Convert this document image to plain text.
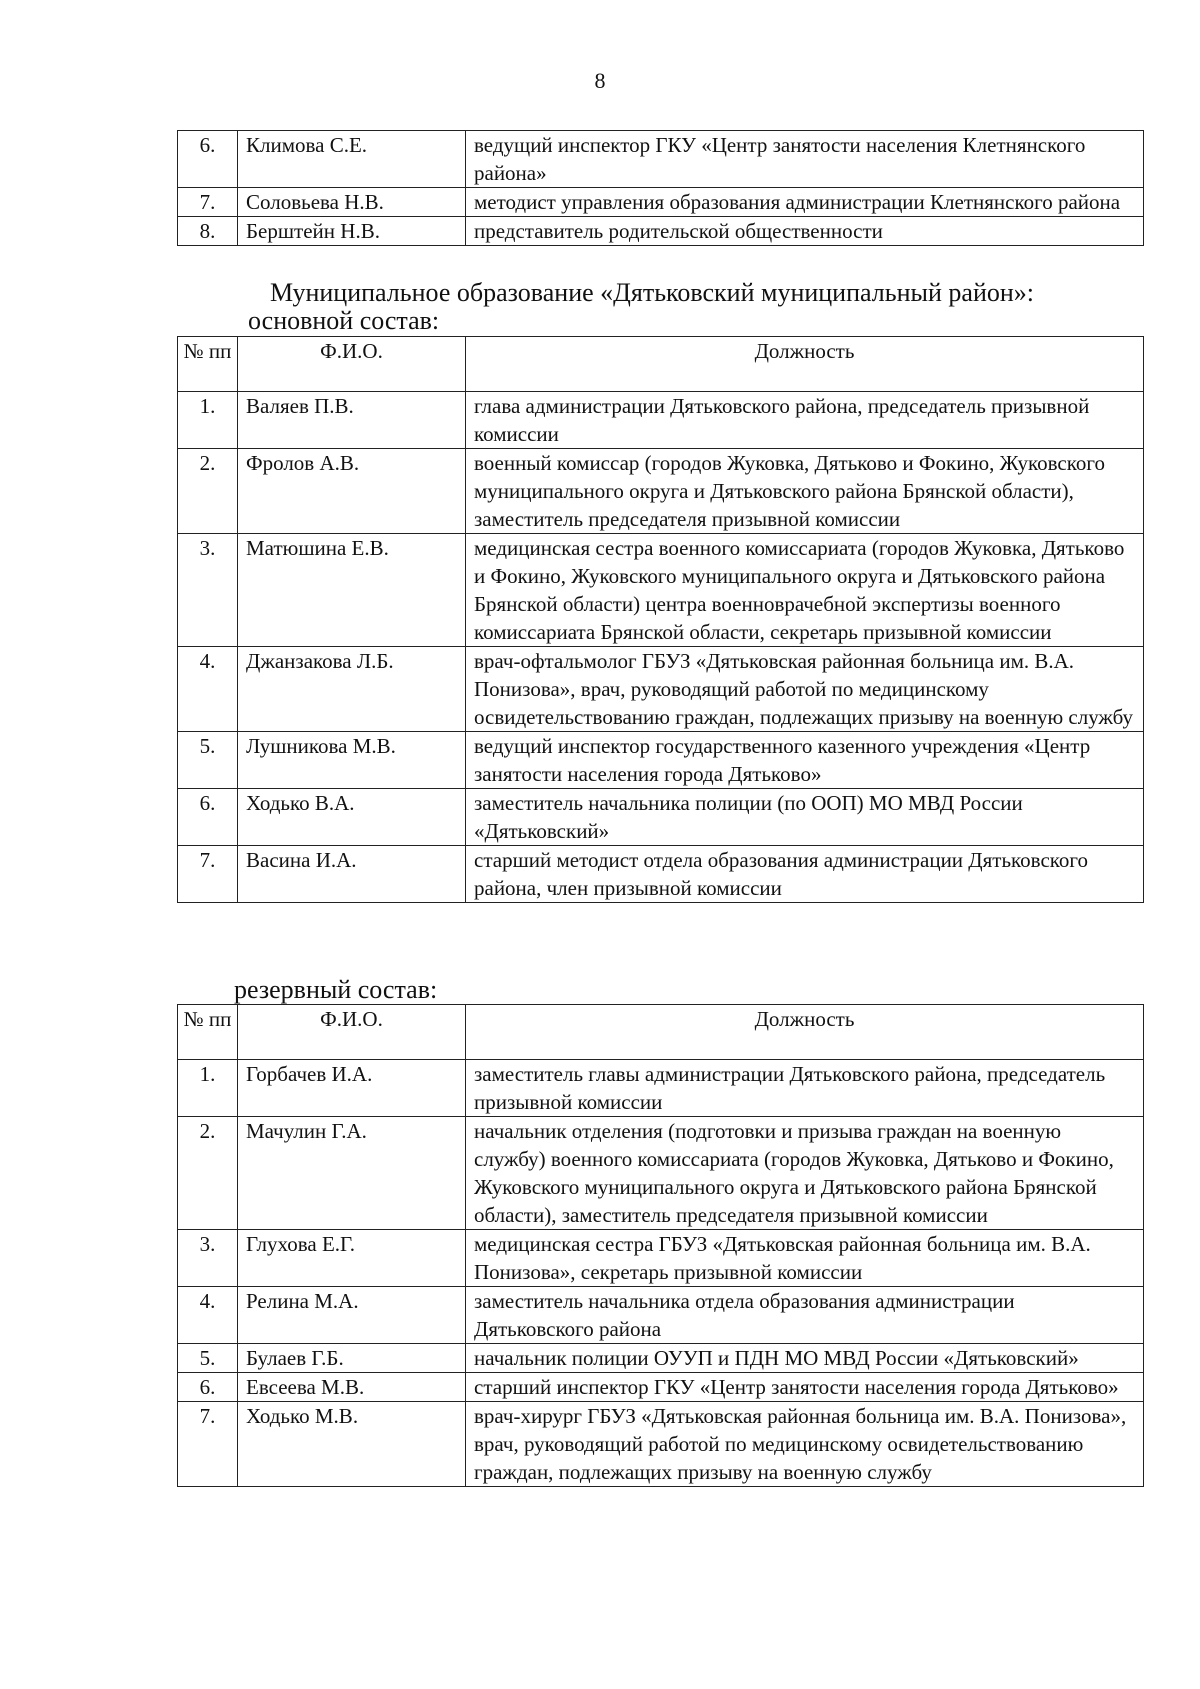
8
6.	Климова С.Е.	ведущий инспектор ГКУ «Центр занятости населения Клетнянского района»
7.	Соловьева Н.В.	методист управления образования администрации Клетнянского района
8.	Берштейн Н.В.	представитель родительской общественности
Муниципальное образование «Дятьковский муниципальный район»:
основной состав:
№ пп	Ф.И.О.	Должность
1.	Валяев П.В.	глава администрации Дятьковского района, председатель призывной комиссии
2.	Фролов А.В.	военный комиссар (городов Жуковка, Дятьково и Фокино, Жуковского муниципального округа и Дятьковского района Брянской области), заместитель председателя призывной комиссии
3.	Матюшина Е.В.	медицинская сестра военного комиссариата (городов Жуковка, Дятьково и Фокино, Жуковского муниципального округа и Дятьковского района Брянской области) центра военноврачебной экспертизы военного комиссариата Брянской области, секретарь призывной комиссии
4.	Джанзакова Л.Б.	врач-офтальмолог ГБУЗ «Дятьковская районная больница им. В.А. Понизова», врач, руководящий работой по медицинскому освидетельствованию граждан, подлежащих призыву на военную службу
5.	Лушникова М.В.	ведущий инспектор государственного казенного учреждения «Центр занятости населения города Дятьково»
6.	Ходько В.А.	заместитель начальника полиции (по ООП) МО МВД России «Дятьковский»
7.	Васина И.А.	старший методист отдела образования администрации Дятьковского района, член призывной комиссии
резервный состав:
№ пп	Ф.И.О.	Должность
1.	Горбачев И.А.	заместитель главы администрации Дятьковского района, председатель призывной комиссии
2.	Мачулин Г.А.	начальник отделения (подготовки и призыва граждан на военную службу) военного комиссариата (городов Жуковка, Дятьково и Фокино, Жуковского муниципального округа и Дятьковского района Брянской области), заместитель председателя призывной комиссии
3.	Глухова Е.Г.	медицинская сестра ГБУЗ «Дятьковская районная больница им. В.А. Понизова», секретарь призывной комиссии
4.	Релина М.А.	заместитель начальника отдела образования администрации Дятьковского района
5.	Булаев Г.Б.	начальник полиции ОУУП и ПДН МО МВД России «Дятьковский»
6.	Евсеева М.В.	старший инспектор ГКУ «Центр занятости населения города Дятьково»
7.	Ходько М.В.	врач-хирург ГБУЗ «Дятьковская районная больница им. В.А. Понизова», врач, руководящий работой по медицинскому освидетельствованию граждан, подлежащих призыву на военную службу
